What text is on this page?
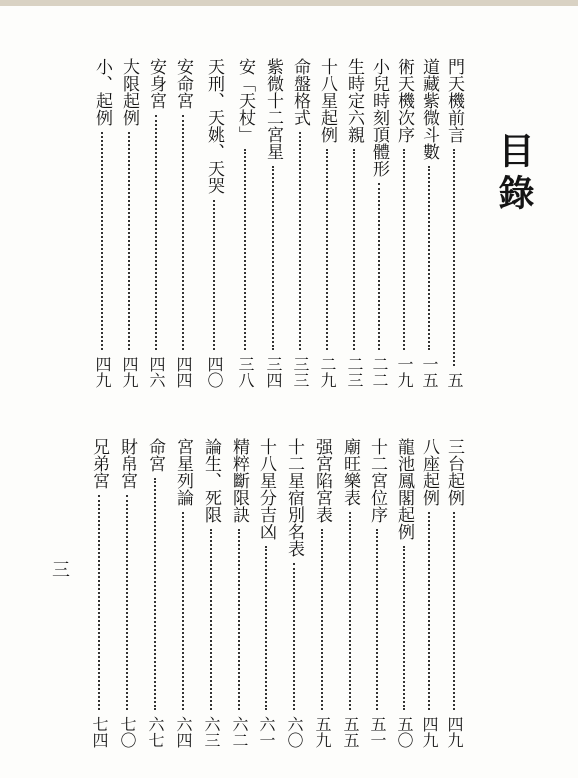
目錄
門天機前言
五
道藏紫微斗數
一五
術天機次序
一九
小兒時刻頂體形
二二
生時定六親
二三
十八星起例
二九
命盤格式
三三
紫微十二宮星
三四
安「天杖」
三八
天刑、天姚、天哭
四〇
安命宮
四四
安身宮
四六
大限起例
四九
小、起例
四九
三台起例
四九
八座起例
四九
龍池鳳閣起例
五〇
十二宮位序
五一
廟旺樂表
五五
强宮陷宮表
五九
十二星宿別名表
六〇
十八星分吉凶
六一
精粹斷限訣
六二
論生、死限
六三
宮星列論
六四
命宮
六七
財帛宮
七〇
兄弟宮
七四
三
